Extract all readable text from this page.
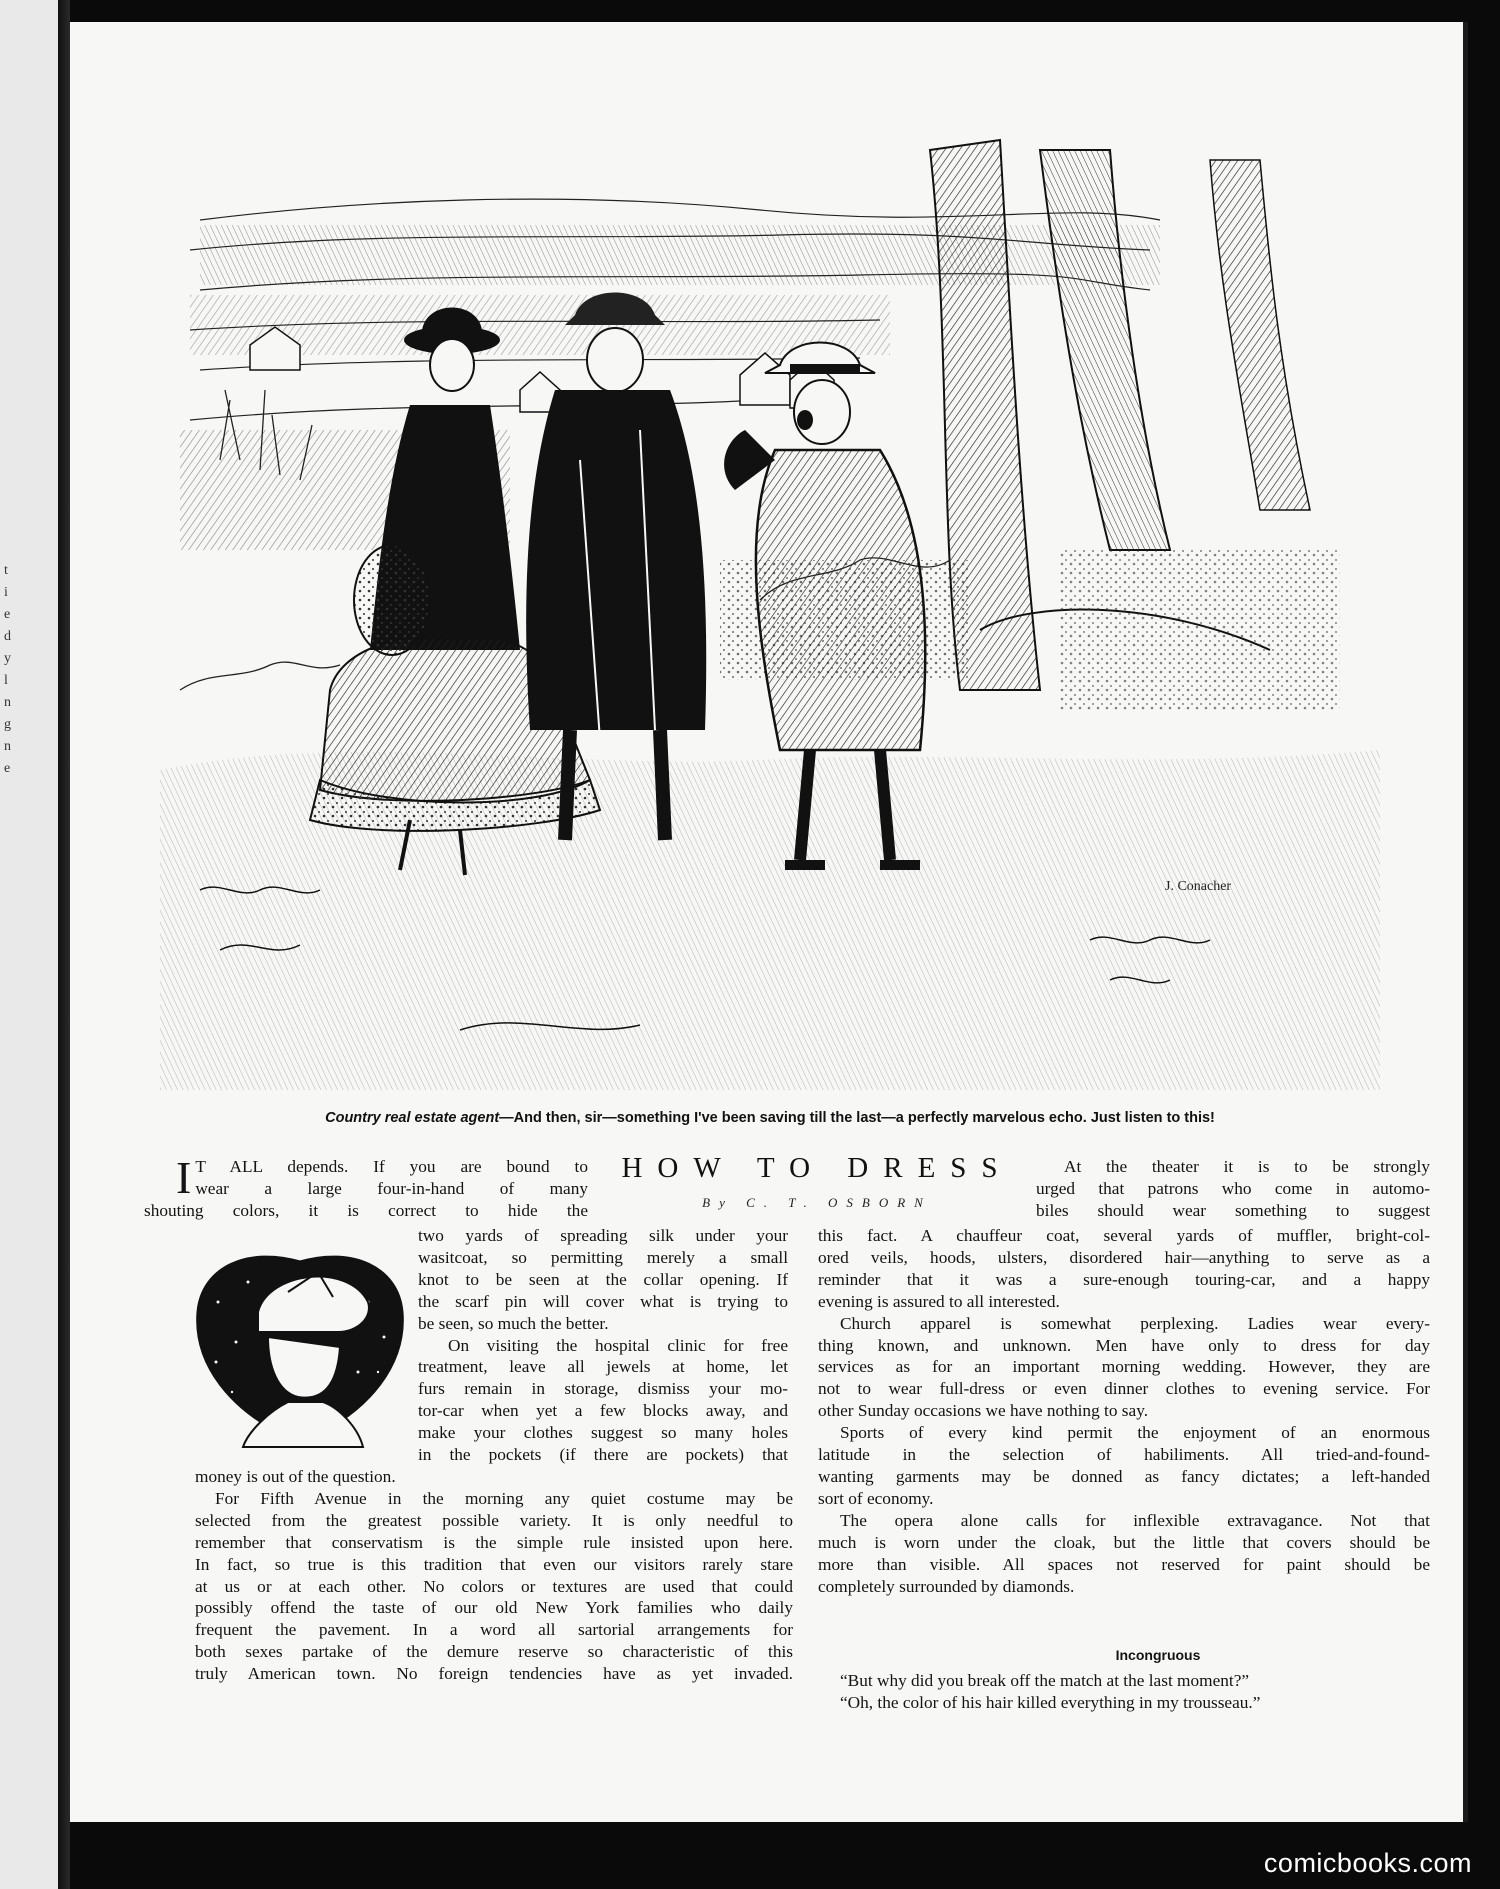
t
i
e
d
y
l
n
g
n
e
J. Conacher
Country real estate agent—And then, sir—something I've been saving till the last—a perfectly marvelous echo. Just listen to this!
HOW TO DRESS
By C. T. OSBORN
I T ALL depends. If you are bound to
wear a large four-in-hand of many
shouting colors, it is correct to hide the
two yards of spreading silk under your
wasitcoat, so permitting merely a small
knot to be seen at the collar opening. If
the scarf pin will cover what is trying to
be seen, so much the better.
On visiting the hospital clinic for free
treatment, leave all jewels at home, let
furs remain in storage, dismiss your mo-
tor-car when yet a few blocks away, and
make your clothes suggest so many holes
in the pockets (if there are pockets) that
money is out of the question.
For Fifth Avenue in the morning any quiet costume may be
selected from the greatest possible variety. It is only needful to
remember that conservatism is the simple rule insisted upon here.
In fact, so true is this tradition that even our visitors rarely stare
at us or at each other. No colors or textures are used that could
possibly offend the taste of our old New York families who daily
frequent the pavement. In a word all sartorial arrangements for
both sexes partake of the demure reserve so characteristic of this
truly American town. No foreign tendencies have as yet invaded.
At the theater it is to be strongly
urged that patrons who come in automo-
biles should wear something to suggest
this fact. A chauffeur coat, several yards of muffler, bright-col-
ored veils, hoods, ulsters, disordered hair—anything to serve as a
reminder that it was a sure-enough touring-car, and a happy
evening is assured to all interested.
Church apparel is somewhat perplexing. Ladies wear every-
thing known, and unknown. Men have only to dress for day
services as for an important morning wedding. However, they are
not to wear full-dress or even dinner clothes to evening service. For
other Sunday occasions we have nothing to say.
Sports of every kind permit the enjoyment of an enormous
latitude in the selection of habiliments. All tried-and-found-
wanting garments may be donned as fancy dictates; a left-handed
sort of economy.
The opera alone calls for inflexible extravagance. Not that
much is worn under the cloak, but the little that covers should be
more than visible. All spaces not reserved for paint should be
completely surrounded by diamonds.
Incongruous
“But why did you break off the match at the last moment?”
“Oh, the color of his hair killed everything in my trousseau.”
comicbooks.com
